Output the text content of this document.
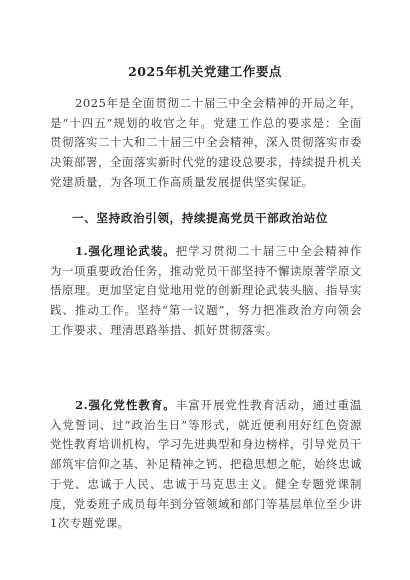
2025年机关党建工作要点
2025年是全面贯彻二十届三中全会精神的开局之年，是“十四五”规划的收官之年。党建工作总的要求是：全面贯彻落实二十大和二十届三中全会精神，深入贯彻落实市委决策部署，全面落实新时代党的建设总要求，持续提升机关党建质量，为各项工作高质量发展提供坚实保证。
一、坚持政治引领，持续提高党员干部政治站位
1.强化理论武装。把学习贯彻二十届三中全会精神作为一项重要政治任务，推动党员干部坚持不懈读原著学原文悟原理。更加坚定自觉地用党的创新理论武装头脑、指导实践、推动工作。坚持“第一议题”，努力把准政治方向领会工作要求、理清思路举措、抓好贯彻落实。
2.强化党性教育。丰富开展党性教育活动，通过重温入党誓词、过“政治生日”等形式，就近便利用好红色资源党性教育培训机构，学习先进典型和身边榜样，引导党员干部筑牢信仰之基、补足精神之钙、把稳思想之舵，始终忠诚于党、忠诚于人民、忠诚于马克思主义。健全专题党课制度，党委班子成员每年到分管领域和部门等基层单位至少讲1次专题党课。
